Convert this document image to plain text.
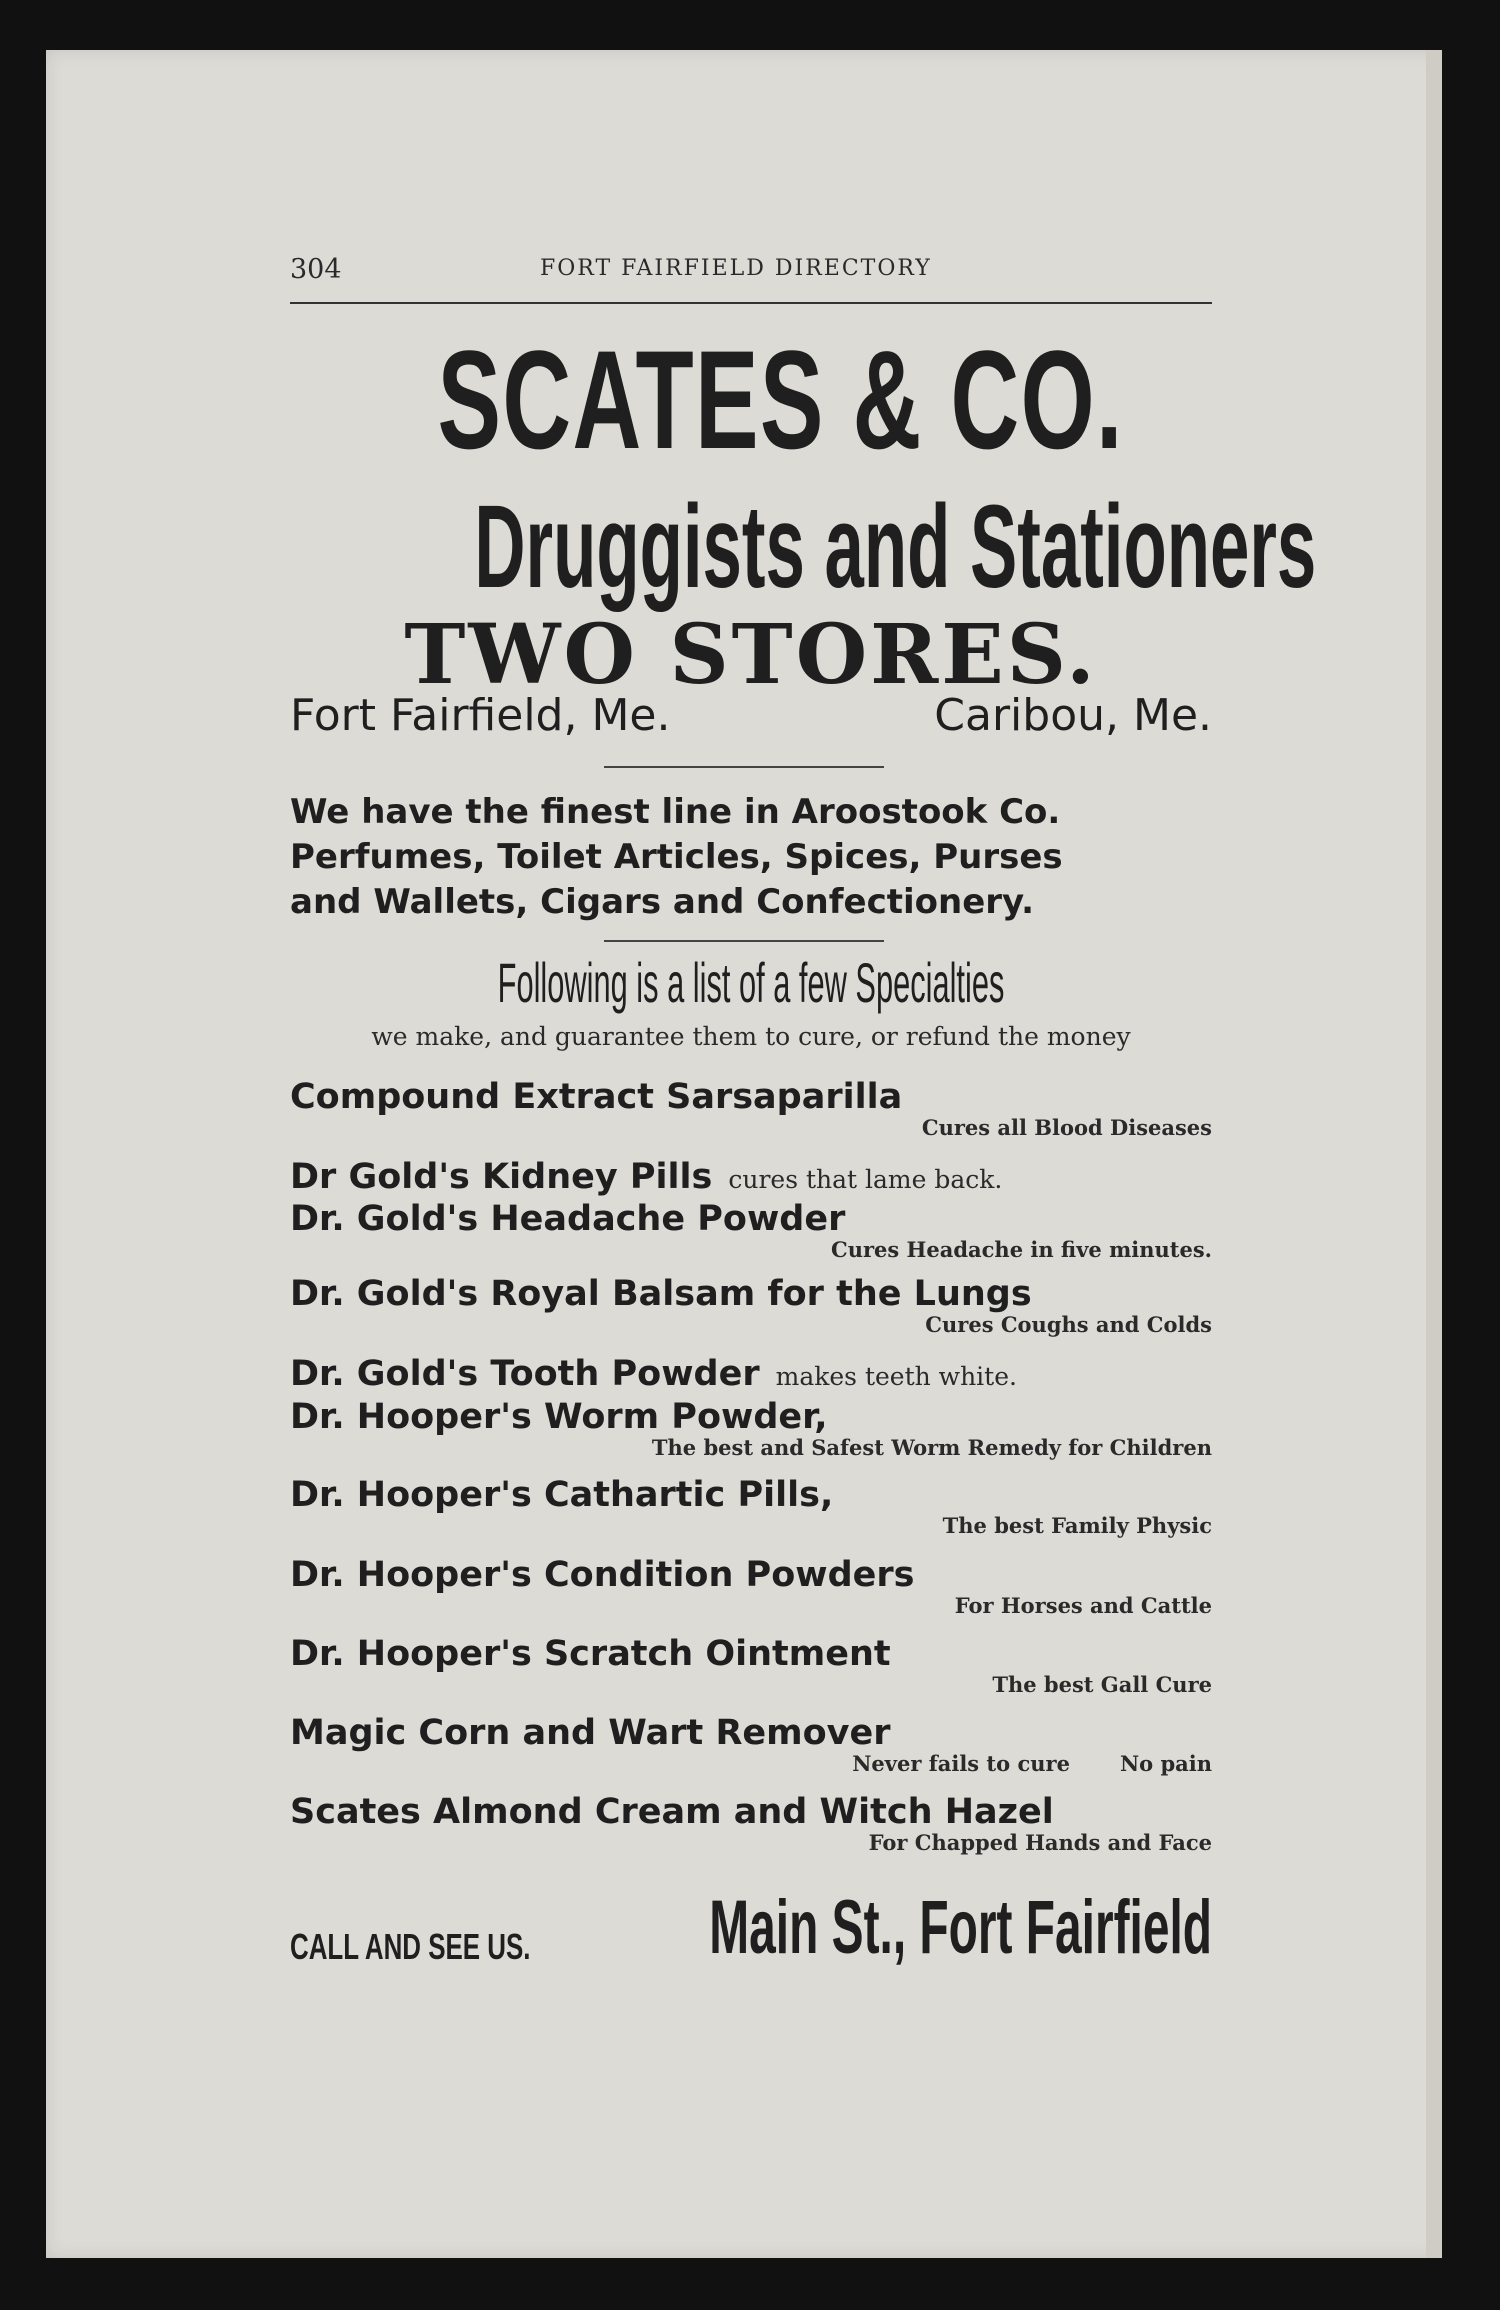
304	FORT FAIRFIELD DIRECTORY
SCATES & CO.
Druggists and Stationers
TWO STORES.
Fort Fairfield, Me.	Caribou, Me.
We have the finest line in Aroostook Co.
Perfumes, Toilet Articles, Spices, Purses
and Wallets, Cigars and Confectionery.
Following is a list of a few Specialties
we make, and guarantee them to cure, or refund the money
Compound Extract Sarsaparilla
Cures all Blood Diseases
Dr Gold's Kidney Pills cures that lame back.
Dr. Gold's Headache Powder
Cures Headache in five minutes.
Dr. Gold's Royal Balsam for the Lungs
Cures Coughs and Colds
Dr. Gold's Tooth Powder makes teeth white.
Dr. Hooper's Worm Powder,
The best and Safest Worm Remedy for Children
Dr. Hooper's Cathartic Pills,
The best Family Physic
Dr. Hooper's Condition Powders
For Horses and Cattle
Dr. Hooper's Scratch Ointment
The best Gall Cure
Magic Corn and Wart Remover
Never fails to cure No pain
Scates Almond Cream and Witch Hazel
For Chapped Hands and Face
CALL AND SEE US. Main St., Fort Fairfield
